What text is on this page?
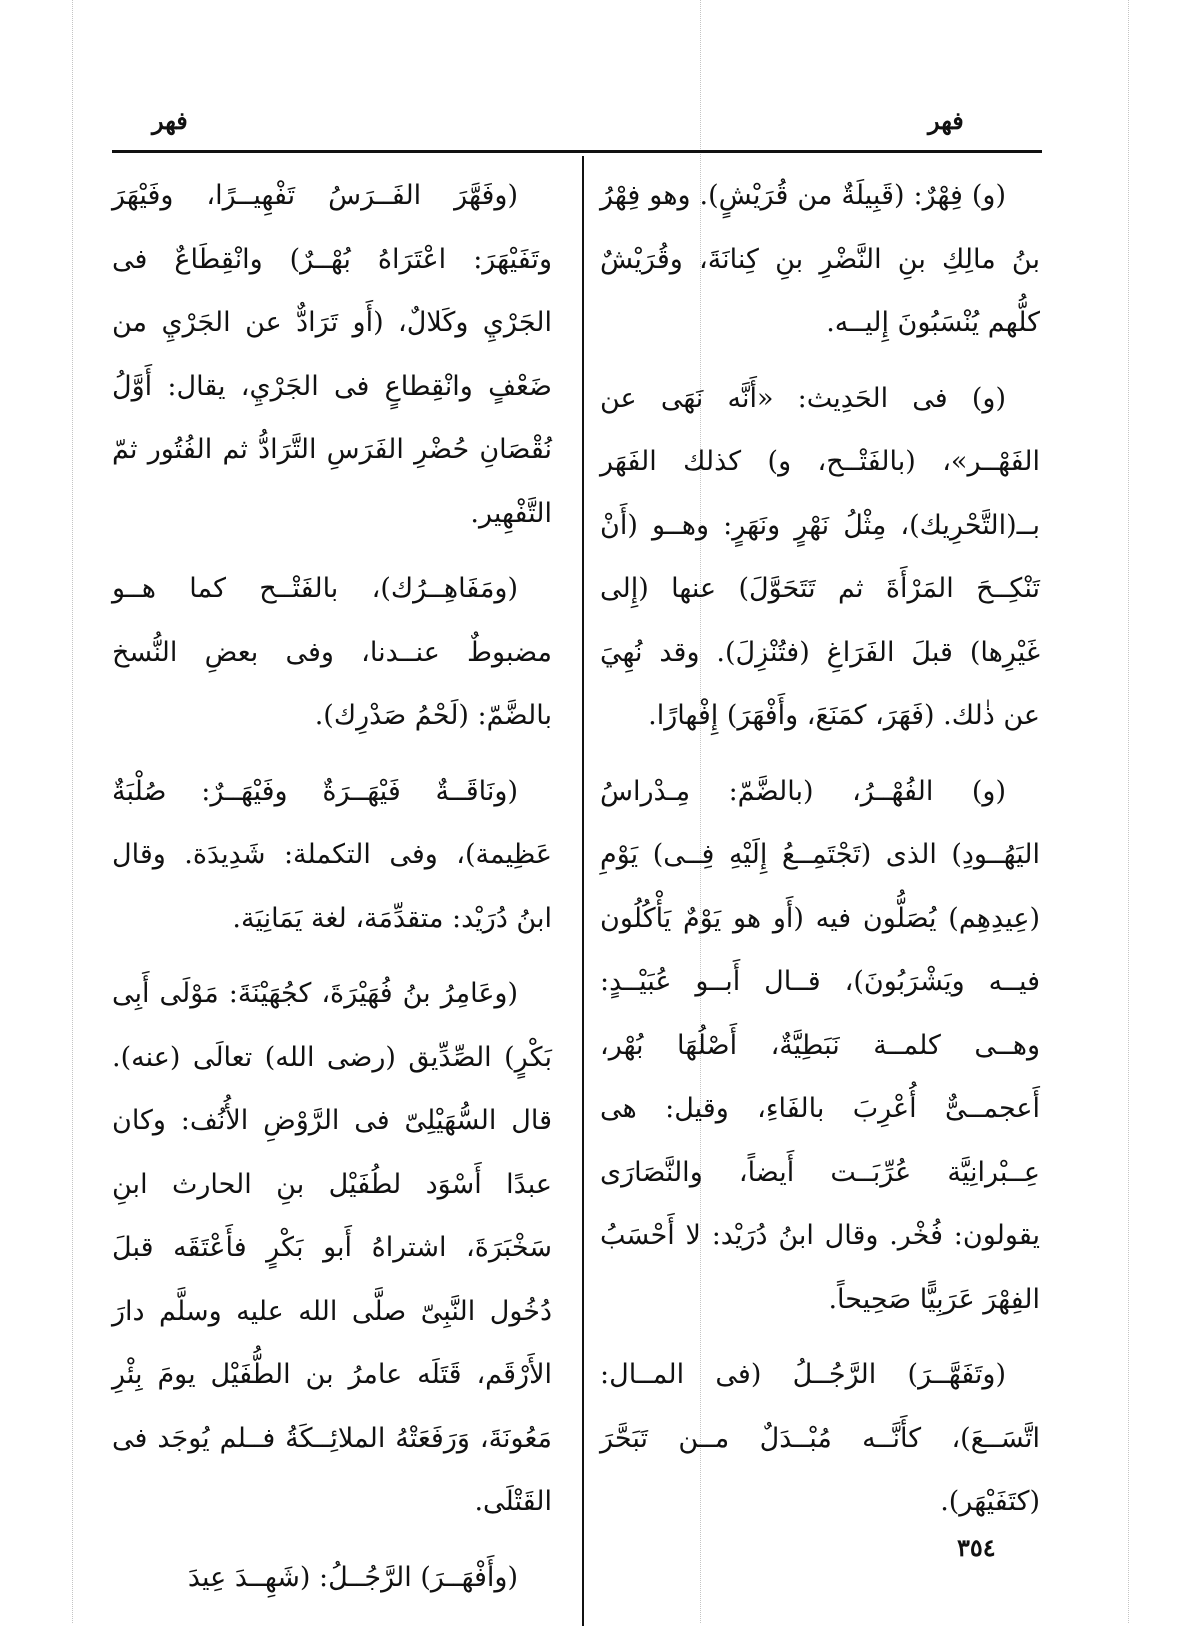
فهر	فهر

(و) فِهْرٌ: (قَبِيلَةٌ من قُرَيْشٍ). وهو فِهْرُ بنُ مالِكِ بنِ النَّضْرِ بنِ كِنانَةَ، وقُرَيْشٌ كلُّهم يُنْسَبُونَ إِليــه.

(و) فى الحَدِيث: «أَنَّه نَهَى عن الفَهْــر»، (بالفَتْــح، و) كذلك الفَهَر بــ(التَّحْرِيك)، مِثْلُ نَهْرٍ ونَهَرٍ: وهــو (أَنْ تَنْكِــحَ المَرْأَةَ ثم تَتَحَوَّلَ) عنها (إِلى غَيْرِها) قبلَ الفَرَاغِ (فتُنْزِلَ). وقد نُهِيَ عن ذٰلك. (فَهَرَ، كمَنَعَ، وأَفْهَرَ) إِفْهارًا.

(و) الفُهْــرُ، (بالضَّمّ: مِـدْراسُ اليَهُــودِ) الذى (تَجْتَمِــعُ إِلَيْهِ فِــى) يَوْمِ (عِيدِهِم) يُصَلُّون فيه (أَو هو يَوْمٌ يَأْكُلُون فيــه ويَشْرَبُونَ)، قــال أَبــو عُبَيْــدٍ: وهــى كلمــة نَبَطِيَّةٌ، أَصْلُهَا بُهْر، أَعجمــىٌّ أُعْرِبَ بالفَاءِ، وقيل: هى عِــبْرانِيَّة عُرِّبَــت أَيضاً، والنَّصَارَى يقولون: فُخْر. وقال ابنُ دُرَيْد: لا أَحْسَبُ الفِهْرَ عَرَبِيًّا صَحِيحاً.

(وتَفَهَّــرَ) الرَّجُــلُ (فى المــال: اتَّسَــعَ)، كأَنَّــه مُبْــدَلٌ مــن تَبَحَّرَ (كتَفَيْهَر).

(وفَهَّرَ الفَــرَسُ تَفْهِيــرًا، وفَيْهَرَ وتَفَيْهَرَ: اعْتَرَاهُ بُهْــرٌ) وانْقِطَاعٌ فى الجَرْيِ وكَلالٌ، (أَو تَرَادٌّ عن الجَرْيِ من ضَعْفٍ وانْقِطاعٍ فى الجَرْيِ، يقال: أَوَّلُ نُقْصَانِ حُضْرِ الفَرَسِ التَّرَادُّ ثم الفُتُور ثمّ التَّفْهِير.

(ومَفَاهِــرُك)، بالفَتْــح كما هــو مضبوطٌ عنــدنا، وفى بعضِ النُّسخ بالضَّمّ: (لَحْمُ صَدْرِك).

(ونَاقَــةٌ فَيْهَــرَةٌ وفَيْهَــرٌ: صُلْبَةٌ عَظِيمة)، وفى التكملة: شَدِيدَة. وقال ابنُ دُرَيْد: متقدِّمَة، لغة يَمَانِيَة.

(وعَامِرُ بنُ فُهَيْرَةَ، كجُهَيْنَةَ: مَوْلَى أَبِى بَكْرٍ) الصِّدِّيق (رضى الله) تعالَى (عنه). قال السُّهَيْلِىّ فى الرَّوْضِ الأُنُف: وكان عبدًا أَسْوَد لطُفَيْل بنِ الحارث ابنِ سَخْبَرَةَ، اشتراهُ أَبو بَكْرٍ فأَعْتَقَه قبلَ دُخُول النَّبِىّ صلَّى الله عليه وسلَّم دارَ الأَرْقَم، قَتَلَه عامرُ بن الطُّفَيْل يومَ بِئْرِ مَعُونَةَ، وَرَفَعَتْهُ الملائِــكَةُ فــلم يُوجَد فى القَتْلَى.

(وأَفْهَــرَ) الرَّجُــلُ: (شَهِــدَ عِيدَ

٣٥٤
